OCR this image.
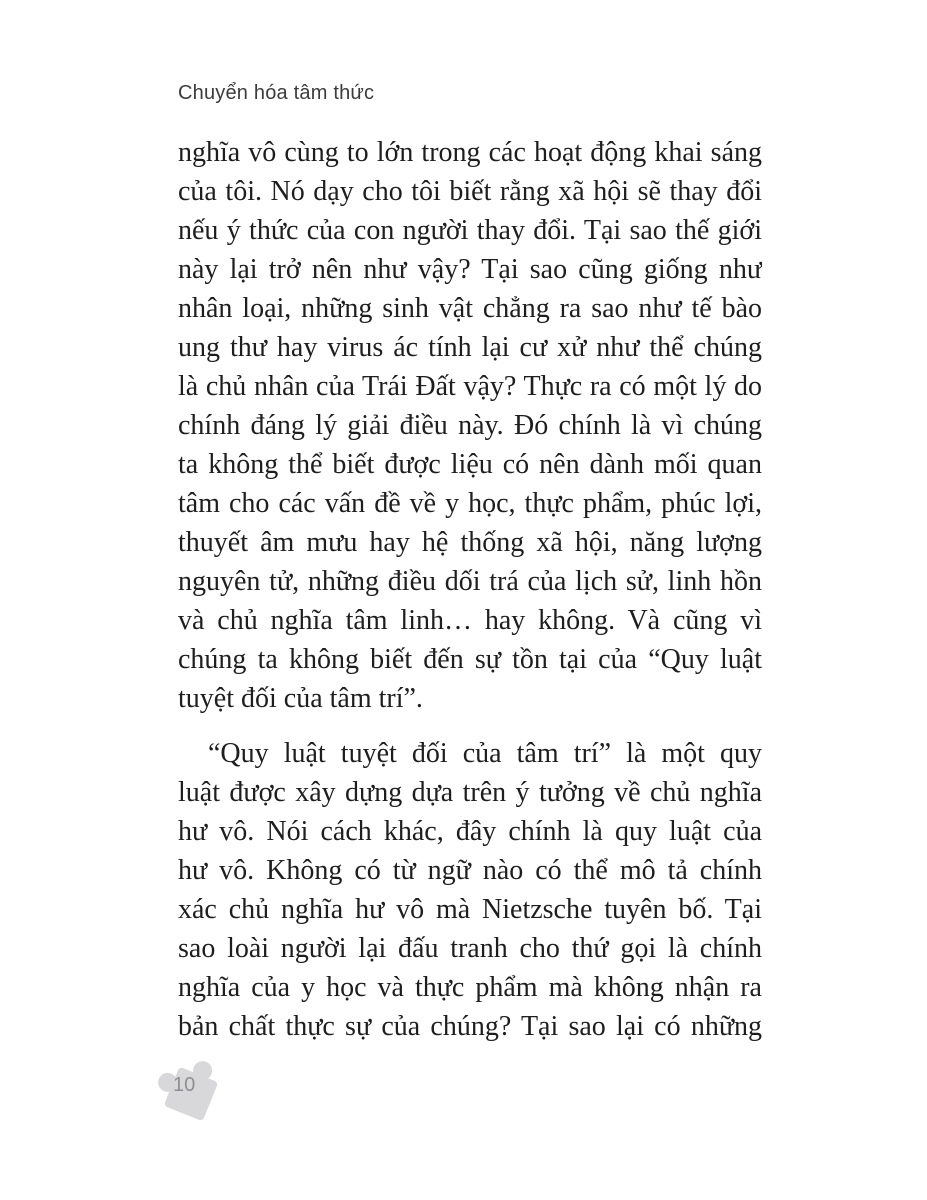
Chuyển hóa tâm thức
nghĩa vô cùng to lớn trong các hoạt động khai sáng
của tôi. Nó dạy cho tôi biết rằng xã hội sẽ thay đổi
nếu ý thức của con người thay đổi. Tại sao thế giới
này lại trở nên như vậy? Tại sao cũng giống như
nhân loại, những sinh vật chẳng ra sao như tế bào
ung thư hay virus ác tính lại cư xử như thể chúng
là chủ nhân của Trái Đất vậy? Thực ra có một lý do
chính đáng lý giải điều này. Đó chính là vì chúng
ta không thể biết được liệu có nên dành mối quan
tâm cho các vấn đề về y học, thực phẩm, phúc lợi,
thuyết âm mưu hay hệ thống xã hội, năng lượng
nguyên tử, những điều dối trá của lịch sử, linh hồn
và chủ nghĩa tâm linh… hay không. Và cũng vì
chúng ta không biết đến sự tồn tại của “Quy luật
tuyệt đối của tâm trí”.
“Quy luật tuyệt đối của tâm trí” là một quy
luật được xây dựng dựa trên ý tưởng về chủ nghĩa
hư vô. Nói cách khác, đây chính là quy luật của
hư vô. Không có từ ngữ nào có thể mô tả chính
xác chủ nghĩa hư vô mà Nietzsche tuyên bố. Tại
sao loài người lại đấu tranh cho thứ gọi là chính
nghĩa của y học và thực phẩm mà không nhận ra
bản chất thực sự của chúng? Tại sao lại có những
10
